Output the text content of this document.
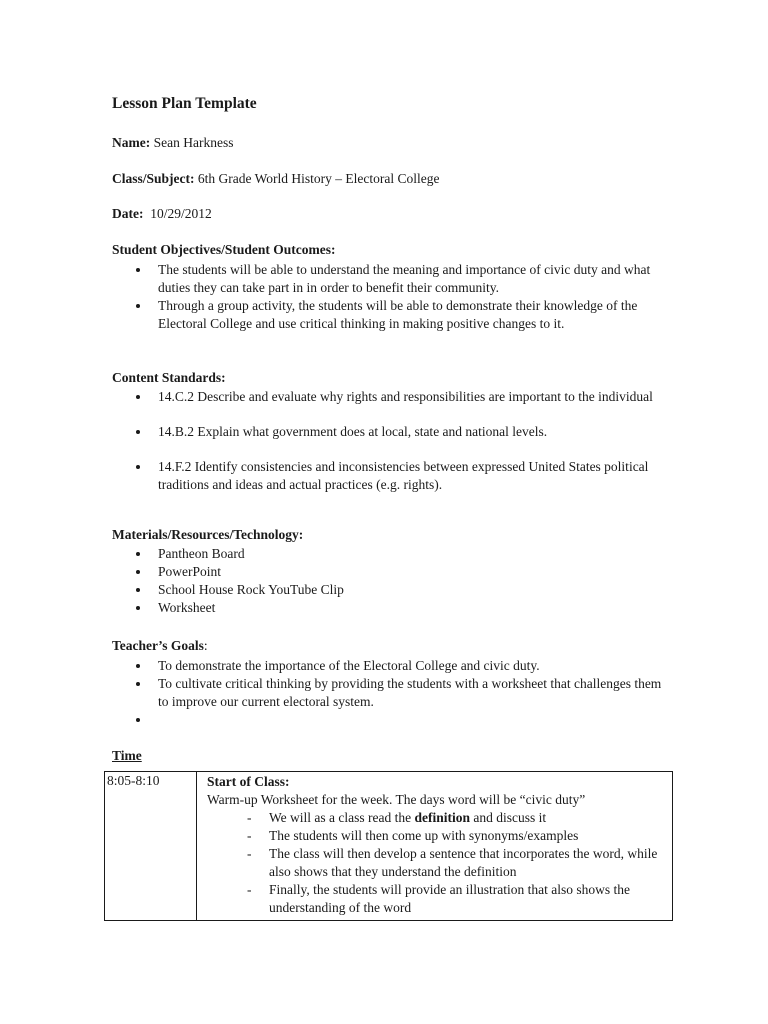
Lesson Plan Template
Name: Sean Harkness
Class/Subject: 6th Grade World History – Electoral College
Date: 10/29/2012
Student Objectives/Student Outcomes:
The students will be able to understand the meaning and importance of civic duty and what duties they can take part in in order to benefit their community.
Through a group activity, the students will be able to demonstrate their knowledge of the Electoral College and use critical thinking in making positive changes to it.
Content Standards:
14.C.2 Describe and evaluate why rights and responsibilities are important to the individual
14.B.2 Explain what government does at local, state and national levels.
14.F.2 Identify consistencies and inconsistencies between expressed United States political traditions and ideas and actual practices (e.g. rights).
Materials/Resources/Technology:
Pantheon Board
PowerPoint
School House Rock YouTube Clip
Worksheet
Teacher’s Goals:
To demonstrate the importance of the Electoral College and civic duty.
To cultivate critical thinking by providing the students with a worksheet that challenges them to improve our current electoral system.

Time
8:05-8:10	Start of Class:
Warm-up Worksheet for the week. The days word will be “civic duty”
- We will as a class read the definition and discuss it
- The students will then come up with synonyms/examples
- The class will then develop a sentence that incorporates the word, while also shows that they understand the definition
- Finally, the students will provide an illustration that also shows the understanding of the word
